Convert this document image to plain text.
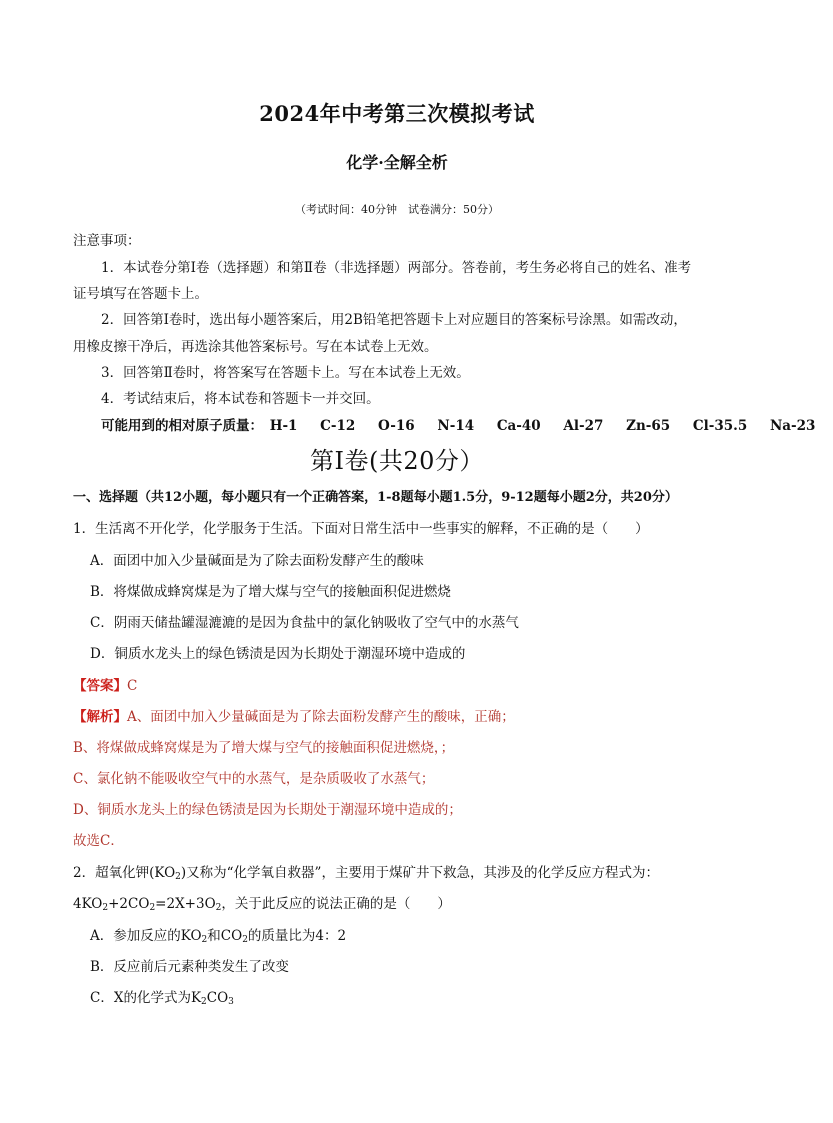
2024年中考第三次模拟考试
化学·全解全析
（考试时间：40分钟　试卷满分：50分）
注意事项：
1．本试卷分第Ⅰ卷（选择题）和第Ⅱ卷（非选择题）两部分。答卷前，考生务必将自己的姓名、准考
证号填写在答题卡上。
2．回答第Ⅰ卷时，选出每小题答案后，用2B铅笔把答题卡上对应题目的答案标号涂黑。如需改动，
用橡皮擦干净后，再选涂其他答案标号。写在本试卷上无效。
3．回答第Ⅱ卷时，将答案写在答题卡上。写在本试卷上无效。
4．考试结束后，将本试卷和答题卡一并交回。
可能用到的相对原子质量： H-1 C-12 O-16 N-14 Ca-40 Al-27 Zn-65 Cl-35.5 Na-23
第Ⅰ卷(共20分）
一、选择题（共12小题，每小题只有一个正确答案，1-8题每小题1.5分，9-12题每小题2分，共20分）
1．生活离不开化学，化学服务于生活。下面对日常生活中一些事实的解释，不正确的是（　　）
A．面团中加入少量碱面是为了除去面粉发酵产生的酸味
B．将煤做成蜂窝煤是为了增大煤与空气的接触面积促进燃烧
C．阴雨天储盐罐湿漉漉的是因为食盐中的氯化钠吸收了空气中的水蒸气
D．铜质水龙头上的绿色锈渍是因为长期处于潮湿环境中造成的
【答案】C
【解析】A、面团中加入少量碱面是为了除去面粉发酵产生的酸味，正确；
B、将煤做成蜂窝煤是为了增大煤与空气的接触面积促进燃烧，；
C、氯化钠不能吸收空气中的水蒸气，是杂质吸收了水蒸气；
D、铜质水龙头上的绿色锈渍是因为长期处于潮湿环境中造成的；
故选C．
2．超氧化钾$(KO_2)$又称为“化学氧自救器”，主要用于煤矿井下救急，其涉及的化学反应方程式为：
$4KO_2+2CO_2=2X+3O_2$，关于此反应的说法正确的是（　　）
A．参加反应的$KO_2$和$CO_2$的质量比为4：2
B．反应前后元素种类发生了改变
C．X的化学式为$K_2CO_3$
